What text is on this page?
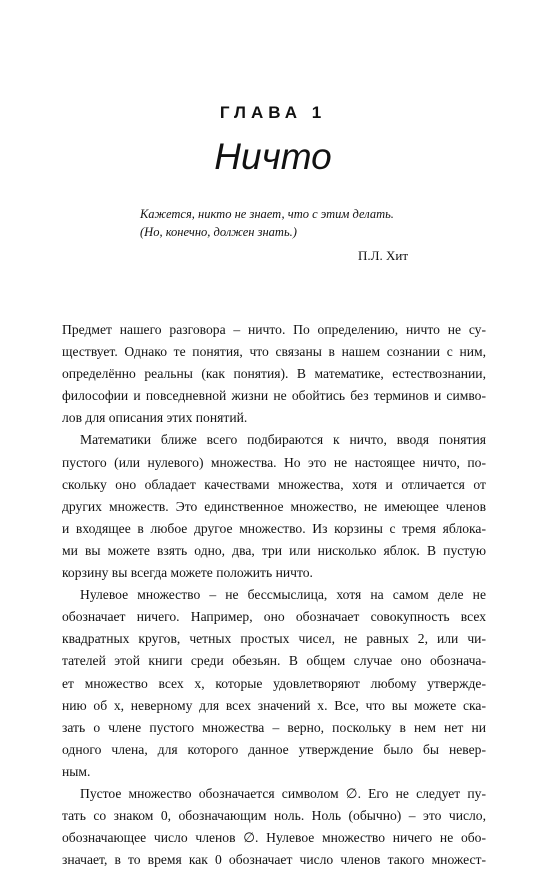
ГЛАВА 1
Ничто
Кажется, никто не знает, что с этим делать.
(Но, конечно, должен знать.)
П.Л. Хит
Предмет нашего разговора – ничто. По определению, ничто не су-
ществует. Однако те понятия, что связаны в нашем сознании с ним,
определённо реальны (как понятия). В математике, естествознании,
философии и повседневной жизни не обойтись без терминов и симво-
лов для описания этих понятий.
Математики ближе всего подбираются к ничто, вводя понятия
пустого (или нулевого) множества. Но это не настоящее ничто, по-
скольку оно обладает качествами множества, хотя и отличается от
других множеств. Это единственное множество, не имеющее членов
и входящее в любое другое множество. Из корзины с тремя яблока-
ми вы можете взять одно, два, три или нисколько яблок. В пустую
корзину вы всегда можете положить ничто.
Нулевое множество – не бессмыслица, хотя на самом деле не
обозначает ничего. Например, оно обозначает совокупность всех
квадратных кругов, четных простых чисел, не равных 2, или чи-
тателей этой книги среди обезьян. В общем случае оно обознача-
ет множество всех x, которые удовлетворяют любому утвержде-
нию об x, неверному для всех значений x. Все, что вы можете ска-
зать о члене пустого множества – верно, поскольку в нем нет ни
одного члена, для которого данное утверждение было бы невер-
ным.
Пустое множество обозначается символом ∅. Его не следует пу-
тать со знаком 0, обозначающим ноль. Ноль (обычно) – это число,
обозначающее число членов ∅. Нулевое множество ничего не обо-
значает, в то время как 0 обозначает число членов такого множест-
